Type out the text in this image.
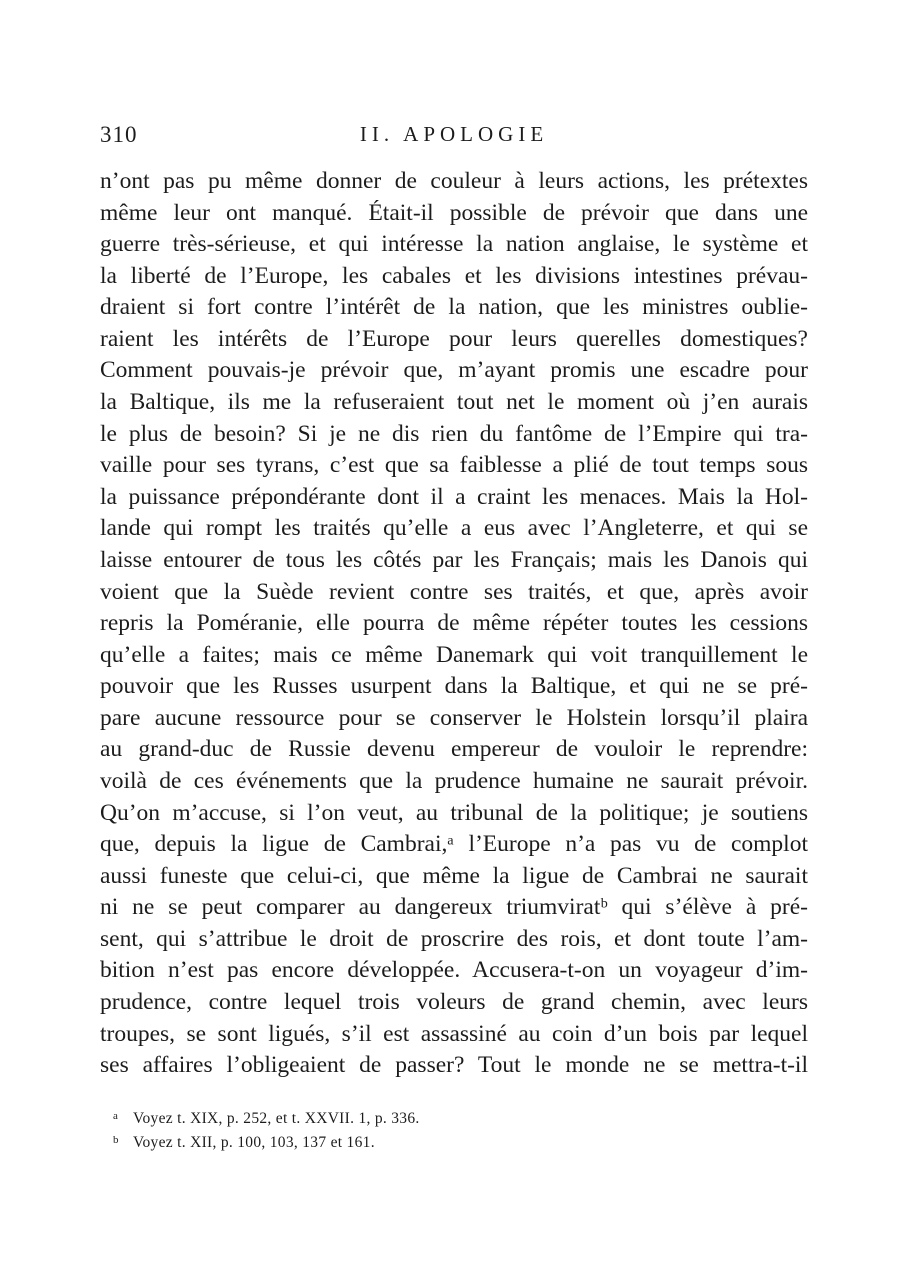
310	II. APOLOGIE
n’ont pas pu même donner de couleur à leurs actions, les prétextes
même leur ont manqué. Était-il possible de prévoir que dans une
guerre très-sérieuse, et qui intéresse la nation anglaise, le système et
la liberté de l’Europe, les cabales et les divisions intestines prévau-
draient si fort contre l’intérêt de la nation, que les ministres oublie-
raient les intérêts de l’Europe pour leurs querelles domestiques?
Comment pouvais-je prévoir que, m’ayant promis une escadre pour
la Baltique, ils me la refuseraient tout net le moment où j’en aurais
le plus de besoin? Si je ne dis rien du fantôme de l’Empire qui tra-
vaille pour ses tyrans, c’est que sa faiblesse a plié de tout temps sous
la puissance prépondérante dont il a craint les menaces. Mais la Hol-
lande qui rompt les traités qu’elle a eus avec l’Angleterre, et qui se
laisse entourer de tous les côtés par les Français; mais les Danois qui
voient que la Suède revient contre ses traités, et que, après avoir
repris la Poméranie, elle pourra de même répéter toutes les cessions
qu’elle a faites; mais ce même Danemark qui voit tranquillement le
pouvoir que les Russes usurpent dans la Baltique, et qui ne se pré-
pare aucune ressource pour se conserver le Holstein lorsqu’il plaira
au grand-duc de Russie devenu empereur de vouloir le reprendre:
voilà de ces événements que la prudence humaine ne saurait prévoir.
Qu’on m’accuse, si l’on veut, au tribunal de la politique; je soutiens
que, depuis la ligue de Cambrai,ᵃ l’Europe n’a pas vu de complot
aussi funeste que celui-ci, que même la ligue de Cambrai ne saurait
ni ne se peut comparer au dangereux triumviratᵇ qui s’élève à pré-
sent, qui s’attribue le droit de proscrire des rois, et dont toute l’am-
bition n’est pas encore développée. Accusera-t-on un voyageur d’im-
prudence, contre lequel trois voleurs de grand chemin, avec leurs
troupes, se sont ligués, s’il est assassiné au coin d’un bois par lequel
ses affaires l’obligeaient de passer? Tout le monde ne se mettra-t-il
a Voyez t. XIX, p. 252, et t. XXVII. 1, p. 336.
b Voyez t. XII, p. 100, 103, 137 et 161.
